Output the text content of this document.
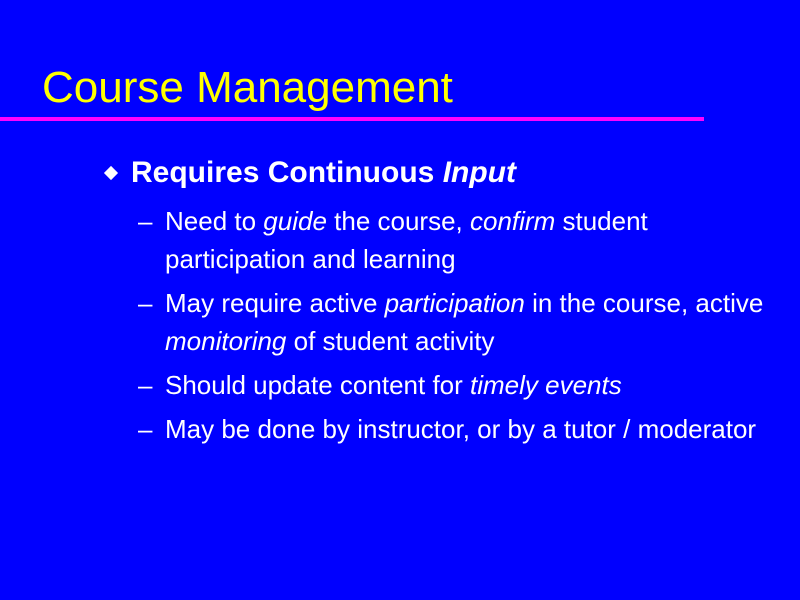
Course Management
Requires Continuous Input
– Need to guide the course, confirm student participation and learning
– May require active participation in the course, active monitoring of student activity
– Should update content for timely events
– May be done by instructor, or by a tutor / moderator
